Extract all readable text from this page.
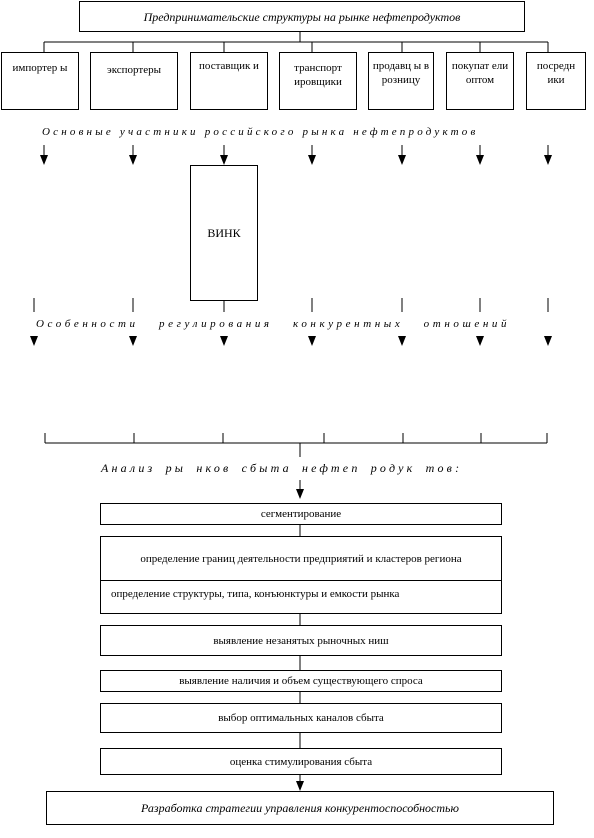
Предпринимательские структуры на рынке нефтепродуктов
импортер ы	экспортеры	поставщик и	транспорт ировщики
продавц ы в розницу
покупат ели оптом
посредн ики
Основные участники российского рынка нефтепродуктов
ВИНК
Особенности регулирования конкурентных отношений
Анализ ры нков сбыта нефтеп родук тов:
сегментирование
определение границ деятельности предприятий и кластеров региона
определение структуры, типа, конъюнктуры и емкости рынка
выявление незанятых рыночных ниш
выявление наличия и объем существующего спроса
выбор оптимальных каналов сбыта
оценка стимулирования сбыта
Разработка стратегии управления конкурентоспособностью
